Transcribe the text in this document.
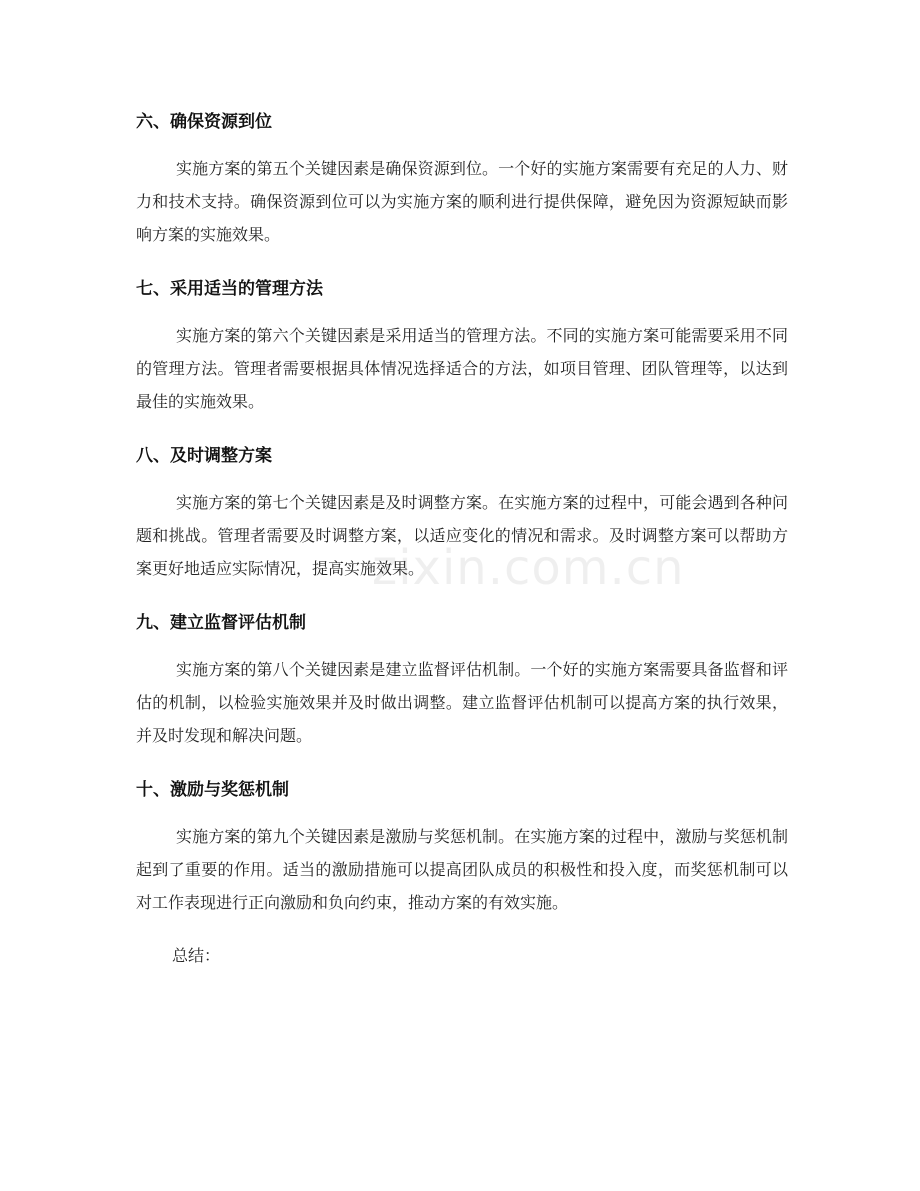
zixin.com.cn
六、确保资源到位

实施方案的第五个关键因素是确保资源到位。一个好的实施方案需要有充足的人力、财力和技术支持。确保资源到位可以为实施方案的顺利进行提供保障，避免因为资源短缺而影响方案的实施效果。

七、采用适当的管理方法

实施方案的第六个关键因素是采用适当的管理方法。不同的实施方案可能需要采用不同的管理方法。管理者需要根据具体情况选择适合的方法，如项目管理、团队管理等，以达到最佳的实施效果。

八、及时调整方案

实施方案的第七个关键因素是及时调整方案。在实施方案的过程中，可能会遇到各种问题和挑战。管理者需要及时调整方案，以适应变化的情况和需求。及时调整方案可以帮助方案更好地适应实际情况，提高实施效果。

九、建立监督评估机制

实施方案的第八个关键因素是建立监督评估机制。一个好的实施方案需要具备监督和评估的机制，以检验实施效果并及时做出调整。建立监督评估机制可以提高方案的执行效果，并及时发现和解决问题。

十、激励与奖惩机制

实施方案的第九个关键因素是激励与奖惩机制。在实施方案的过程中，激励与奖惩机制起到了重要的作用。适当的激励措施可以提高团队成员的积极性和投入度，而奖惩机制可以对工作表现进行正向激励和负向约束，推动方案的有效实施。

总结：
